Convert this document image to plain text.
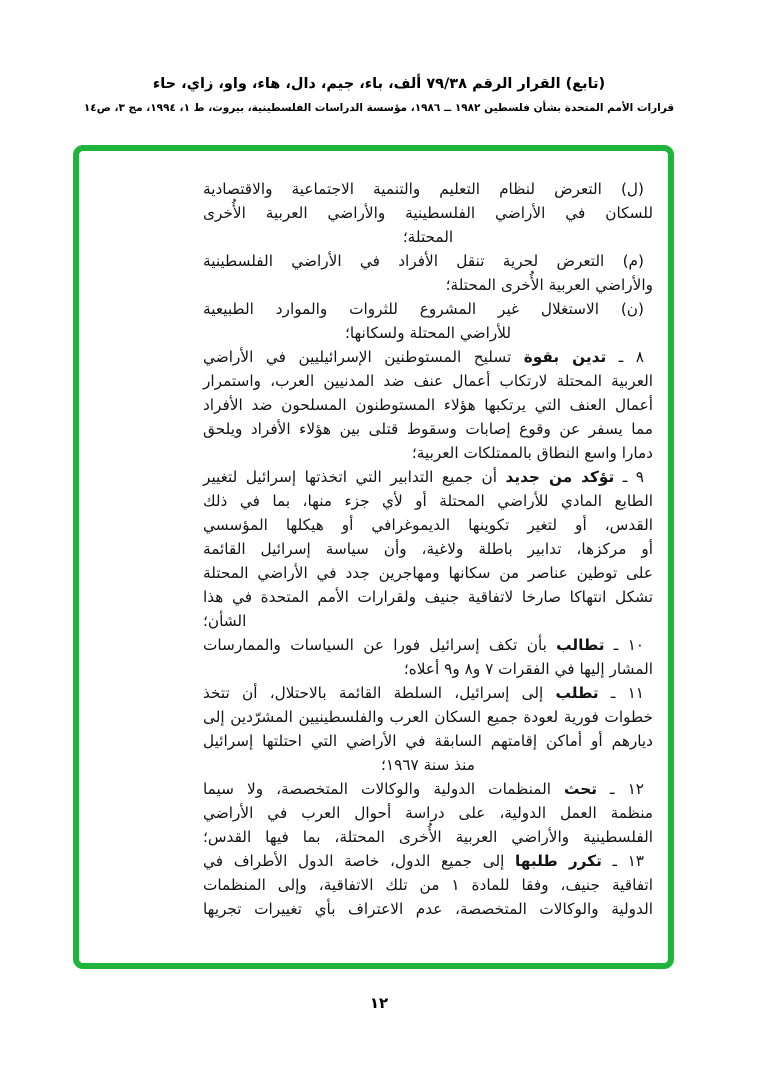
(تابع) القرار الرقم ٧٩/٣٨ ألف، باء، جيم، دال، هاء، واو، زاي، حاء
قرارات الأمم المتحدة بشأن فلسطين ١٩٨٢ ــ ١٩٨٦، مؤسسة الدراسات الفلسطينية، بيروت، ط ١، ١٩٩٤، مج ٣، ص١٤
(ل) التعرض لنظام التعليم والتنمية الاجتماعية والاقتصادية
للسكان في الأراضي الفلسطينية والأراضي العربية الأُخرى
المحتلة؛
(م) التعرض لحرية تنقل الأفراد في الأراضي الفلسطينية
والأراضي العربية الأُخرى المحتلة؛
(ن) الاستغلال غير المشروع للثروات والموارد الطبيعية
للأراضي المحتلة ولسكانها؛
٨ ـ تدين بقوة تسليح المستوطنين الإسرائيليين في الأراضي
العربية المحتلة لارتكاب أعمال عنف ضد المدنيين العرب، واستمرار
أعمال العنف التي يرتكبها هؤلاء المستوطنون المسلحون ضد الأفراد
مما يسفر عن وقوع إصابات وسقوط قتلى بين هؤلاء الأفراد ويلحق
دمارا واسع النطاق بالممتلكات العربية؛
٩ ـ تؤكد من جديد أن جميع التدابير التي اتخذتها إسرائيل لتغيير
الطابع المادي للأراضي المحتلة أو لأي جزء منها، بما في ذلك
القدس، أو لتغير تكوينها الديموغرافي أو هيكلها المؤسسي
أو مركزها، تدابير باطلة ولاغية، وأن سياسة إسرائيل القائمة
على توطين عناصر من سكانها ومهاجرين جدد في الأراضي المحتلة
تشكل انتهاكا صارخا لاتفاقية جنيف ولقرارات الأمم المتحدة في هذا
الشأن؛
١٠ ـ تطالب بأن تكف إسرائيل فورا عن السياسات والممارسات
المشار إليها في الفقرات ٧ و٨ و٩ أعلاه؛
١١ ـ تطلب إلى إسرائيل، السلطة القائمة بالاحتلال، أن تتخذ
خطوات فورية لعودة جميع السكان العرب والفلسطينيين المشرّدين إلى
ديارهم أو أماكن إقامتهم السابقة في الأراضي التي احتلتها إسرائيل
منذ سنة ١٩٦٧؛
١٢ ـ تحث المنظمات الدولية والوكالات المتخصصة، ولا سيما
منظمة العمل الدولية، على دراسة أحوال العرب في الأراضي
الفلسطينية والأراضي العربية الأُخرى المحتلة، بما فيها القدس؛
١٣ ـ تكرر طلبها إلى جميع الدول، خاصة الدول الأطراف في
اتفاقية جنيف، وفقا للمادة ١ من تلك الاتفاقية، وإلى المنظمات
الدولية والوكالات المتخصصة، عدم الاعتراف بأي تغييرات تجريها
١٢
